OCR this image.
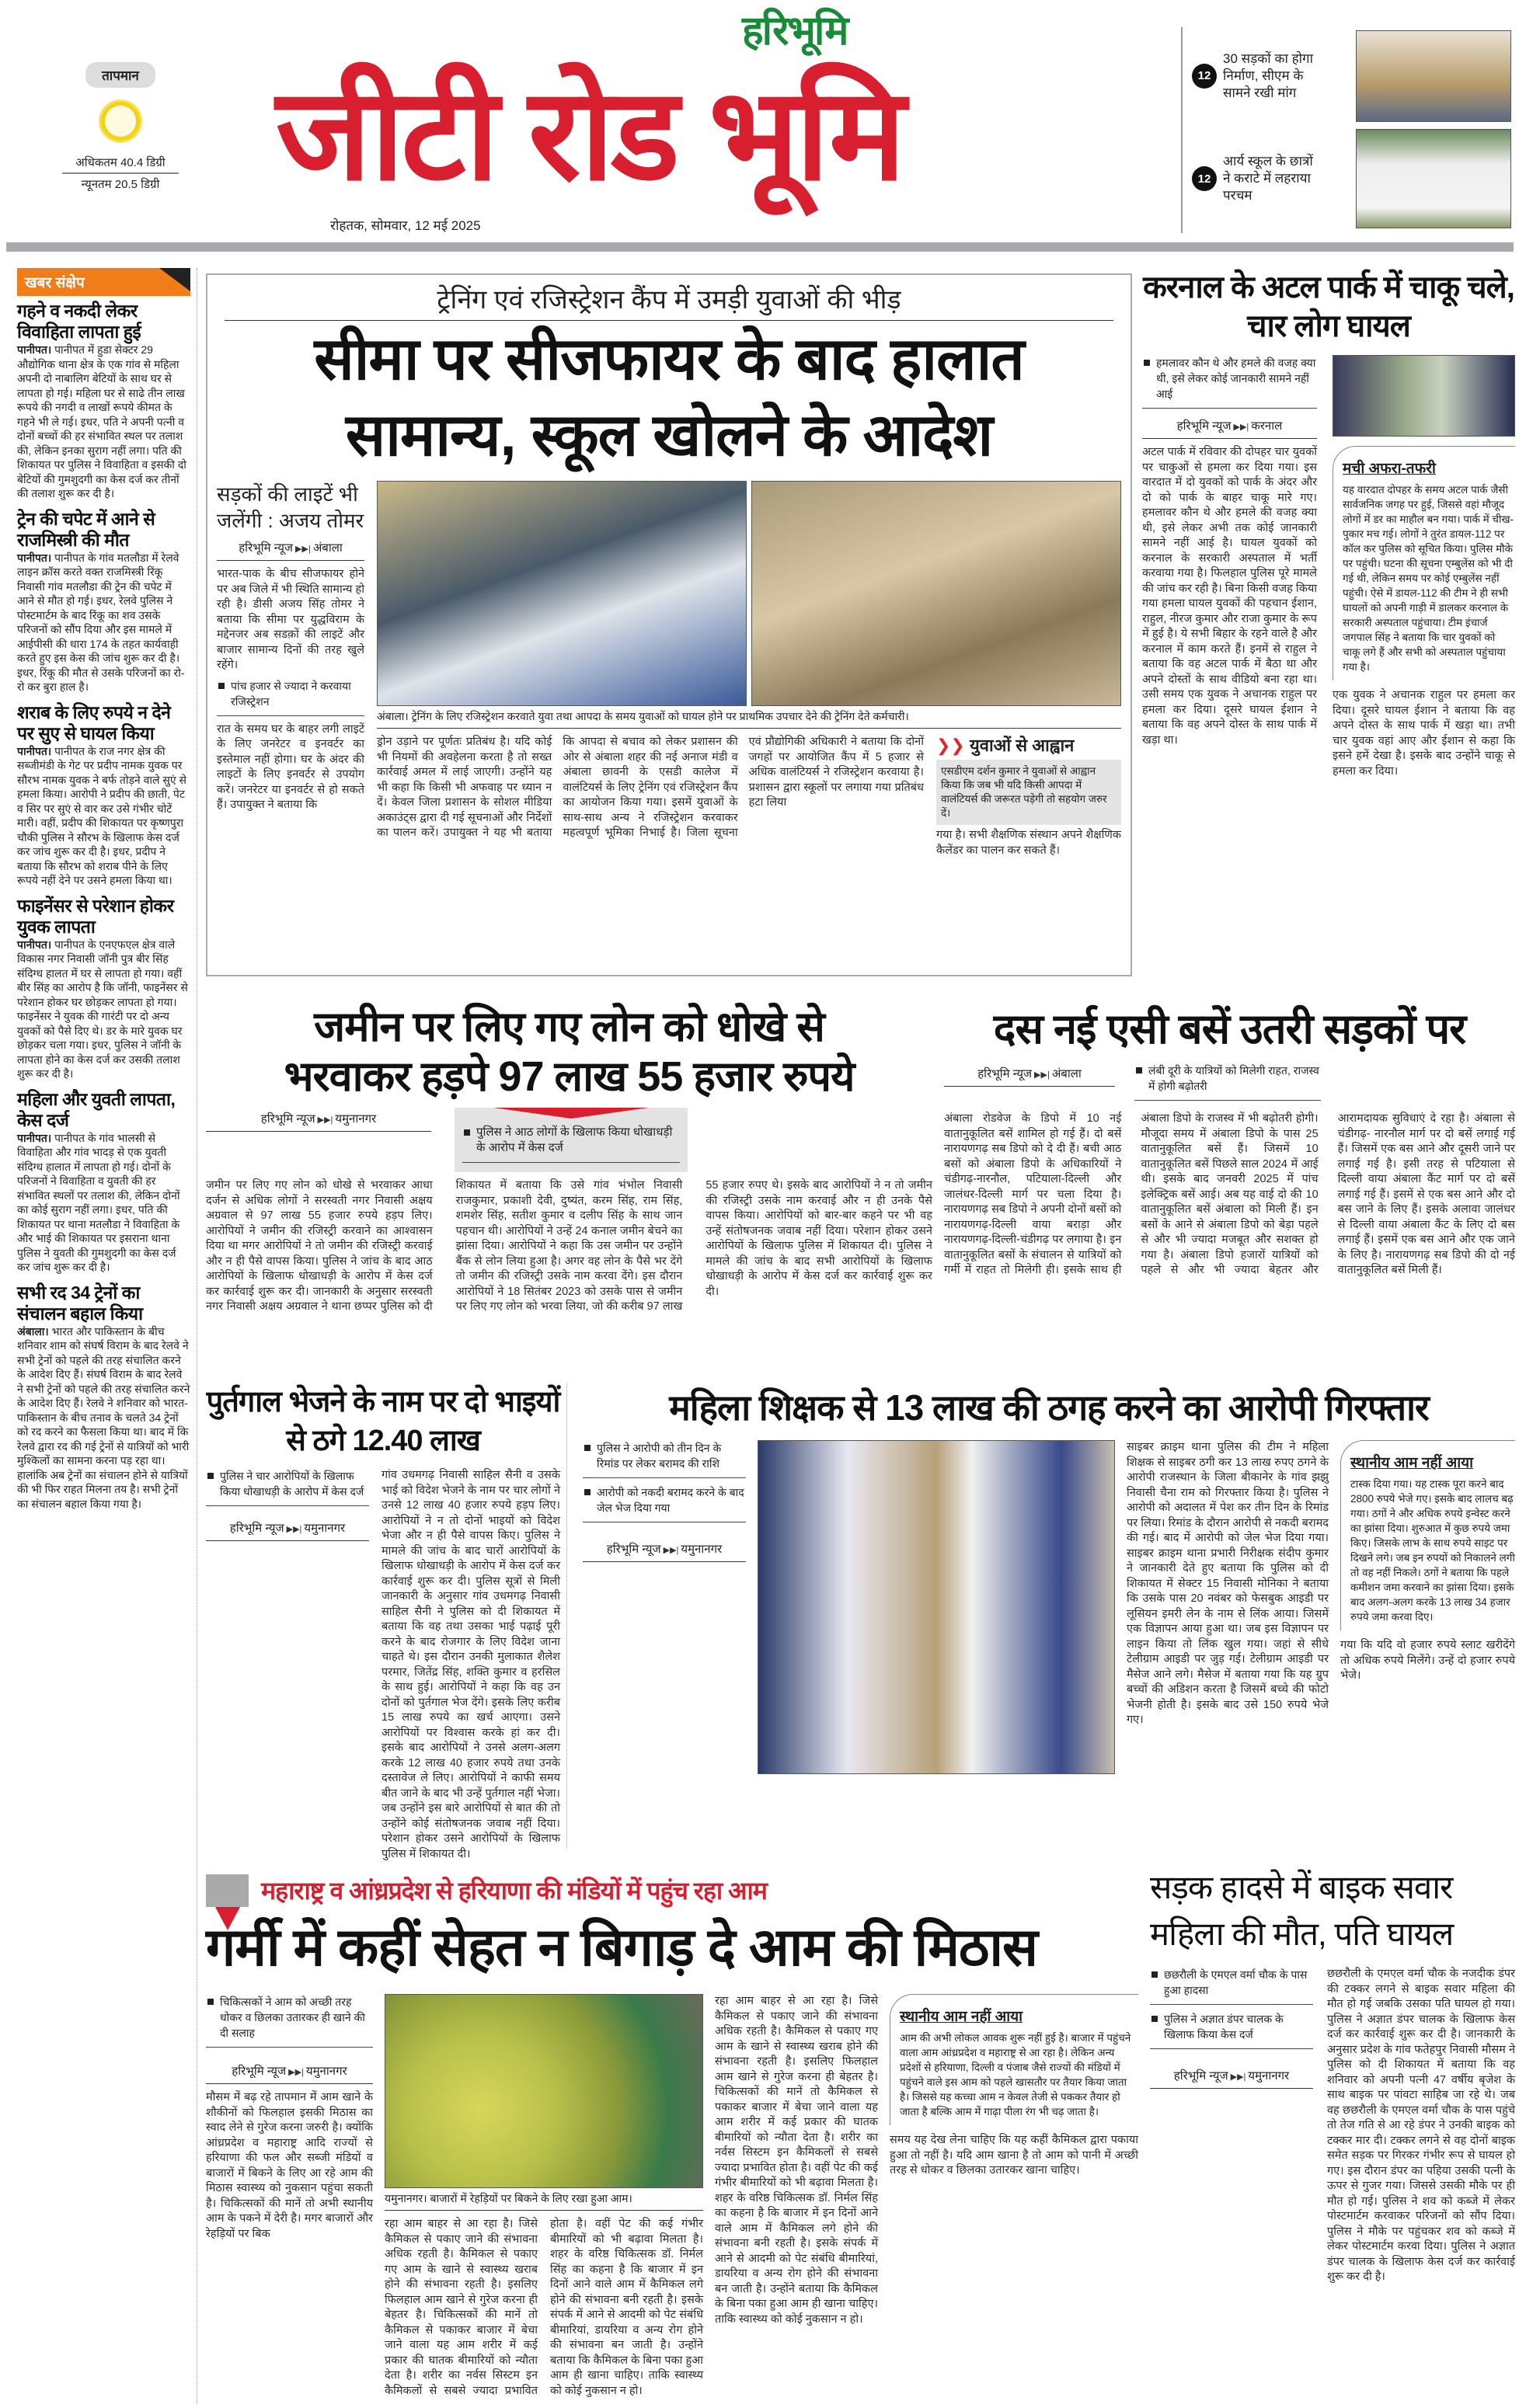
तापमान
अधिकतम 40.4 डिग्री
न्यूनतम 20.5 डिग्री
हरिभूमि
जीटी रोड भूमि
रोहतक, सोमवार, 12 मई 2025
12
30 सड़कों का होगा निर्माण, सीएम के सामने रखी मांग
12
आर्य स्कूल के छात्रों ने कराटे में लहराया परचम
खबर संक्षेप
गहने व नकदी लेकर विवाहिता लापता हुई

पानीपत। पानीपत में हुडा सेक्टर 29 औद्योगिक थाना क्षेत्र के एक गांव से महिला अपनी दो नाबालिग बेटियों के साथ घर से लापता हो गई। महिला घर से साढे तीन लाख रूपये की नगदी व लाखों रूपये कीमत के गहने भी ले गई। इधर, पति ने अपनी पत्नी व दोनों बच्चों की हर संभावित स्थल पर तलाश की, लेकिन इनका सुराग नहीं लगा। पति की शिकायत पर पुलिस ने विवाहिता व इसकी दो बेटियों की गुमशुदगी का केस दर्ज कर तीनों की तलाश शुरू कर दी है।

ट्रेन की चपेट में आने से राजमिस्त्री की मौत

पानीपत। पानीपत के गांव मतलौडा में रेलवे लाइन क्रॉस करते वक्त राजमिस्त्री रिंकू निवासी गांव मतलौडा की ट्रेन की चपेट में आने से मौत हो गई। इधर, रेलवे पुलिस ने पोस्टमार्टम के बाद रिंकू का शव उसके परिजनों को सौंप दिया और इस मामले में आईपीसी की धारा 174 के तहत कार्यवाही करते हुए इस केस की जांच शुरू कर दी है। इधर, रिंकू की मौत से उसके परिजनों का रो-रो कर बुरा हाल है।

शराब के लिए रुपये न देने पर सुए से घायल किया

पानीपत। पानीपत के राज नगर क्षेत्र की सब्जीमंडी के गेट पर प्रदीप नामक युवक पर सौरभ नामक युवक ने बर्फ तोड़ने वाले सुएं से हमला किया। आरोपी ने प्रदीप की छाती, पेट व सिर पर सुएं से वार कर उसे गंभीर चोटें मारी। वहीं, प्रदीप की शिकायत पर कृष्णपुरा चौकी पुलिस ने सौरभ के खिलाफ केस दर्ज कर जांच शुरू कर दी है। इधर, प्रदीप ने बताया कि सौरभ को शराब पीने के लिए रूपये नहीं देने पर उसने हमला किया था।

फाइनेंसर से परेशान होकर युवक लापता

पानीपत। पानीपत के एनएफएल क्षेत्र वाले विकास नगर निवासी जॉनी पुत्र बीर सिंह संदिग्ध हालत में घर से लापता हो गया। वहीं बीर सिंह का आरोप है कि जॉनी, फाइनेंसर से परेशान होकर घर छोड़कर लापता हो गया। फाइनेंसर ने युवक की गारंटी पर दो अन्य युवकों को पैसे दिए थे। डर के मारे युवक घर छोड़कर चला गया। इधर, पुलिस ने जॉनी के लापता होने का केस दर्ज कर उसकी तलाश शुरू कर दी है।

महिला और युवती लापता, केस दर्ज

पानीपत। पानीपत के गांव भालसी से विवाहिता और गांव भादड़ से एक युवती संदिग्ध हालात में लापता हो गई। दोनों के परिजनों ने विवाहिता व युवती की हर संभावित स्थलों पर तलाश की, लेकिन दोनों का कोई सुराग नहीं लगा। इधर, पति की शिकायत पर थाना मतलौडा ने विवाहिता के और भाई की शिकायत पर इसराना थाना पुलिस ने युवती की गुमशुदगी का केस दर्ज कर जांच शुरू कर दी है।

सभी रद 34 ट्रेनों का संचालन बहाल किया

अंबाला। भारत और पाकिस्तान के बीच शनिवार शाम को संघर्ष विराम के बाद रेलवे ने सभी ट्रेनों को पहले की तरह संचालित करने के आदेश दिए हैं। संघर्ष विराम के बाद रेलवे ने सभी ट्रेनों को पहले की तरह संचालित करने के आदेश दिए हैं। रेलवे ने शनिवार को भारत-पाकिस्तान के बीच तनाव के चलते 34 ट्रेनों को रद करने का फैसला किया था। बाद में कि रेलवे द्वारा रद की गई ट्रेनों से यात्रियों को भारी मुश्किलों का सामना करना पड़ रहा था। हालांकि अब ट्रेनों का संचालन होने से यात्रियों की भी फिर राहत मिलना तय है। सभी ट्रेनों का संचालन बहाल किया गया है।

ट्रेनिंग एवं रजिस्ट्रेशन कैंप में उमड़ी युवाओं की भीड़
सीमा पर सीजफायर के बाद हालात
सामान्य, स्कूल खोलने के आदेश
सड़कों की लाइटें भी जलेंगी : अजय तोमर
हरिभूमि न्यूज ▶▶| अंबाला

भारत-पाक के बीच सीजफायर होने पर अब जिले में भी स्थिति सामान्य हो रही है। डीसी अजय सिंह तोमर ने बताया कि सीमा पर युद्धविराम के मद्देनजर अब सडक़ों की लाइटें और बाजार सामान्य दिनों की तरह खुले रहेंगे।

पांच हजार से ज्यादा ने करवाया रजिस्ट्रेशन

रात के समय घर के बाहर लगी लाइटें के लिए जनरेटर व इनवर्टर का इस्तेमाल नहीं होगा। घर के अंदर की लाइटों के लिए इनवर्टर से उपयोग करें। जनरेटर या इनवर्टर से हो सकते हैं। उपायुक्त ने बताया कि

अंबाला। ट्रेनिंग के लिए रजिस्ट्रेशन करवाते युवा तथा आपदा के समय युवाओं को घायल होने पर प्राथमिक उपचार देने की ट्रेनिंग देते कर्मचारी।
ड्रोन उड़ाने पर पूर्णतः प्रतिबंध है। यदि कोई भी नियमों की अवहेलना करता है तो सख्त कार्रवाई अमल में लाई जाएगी। उन्होंने यह भी कहा कि किसी भी अफवाह पर ध्यान न दें। केवल जिला प्रशासन के सोशल मीडिया अकाउंट्स द्वारा दी गई सूचनाओं और निर्देशों का पालन करें। उपायुक्त ने यह भी बताया कि आपदा से बचाव को लेकर प्रशासन की ओर से अंबाला शहर की नई अनाज मंडी व अंबाला छावनी के एसडी कालेज में वालंटियर्स के लिए ट्रेनिंग एवं रजिस्ट्रेशन कैंप का आयोजन किया गया। इसमें युवाओं के साथ-साथ अन्य ने रजिस्ट्रेशन करवाकर महत्वपूर्ण भूमिका निभाई है। जिला सूचना एवं प्रौद्योगिकी अधिकारी ने बताया कि दोनों जगहों पर आयोजित कैंप में 5 हजार से अधिक वालंटियर्स ने रजिस्ट्रेशन करवाया है। प्रशासन द्वारा स्कूलों पर लगाया गया प्रतिबंध हटा लिया
❯❯ युवाओं से आह्वान
एसडीएम दर्शन कुमार ने युवाओं से आह्वान किया कि जब भी यदि किसी आपदा में वालंटियर्स की जरूरत पड़ेगी तो सहयोग जरुर दें।

गया है। सभी शैक्षणिक संस्थान अपने शैक्षणिक कैलेंडर का पालन कर सकते हैं।

करनाल के अटल पार्क में चाकू चले, चार लोग घायल
हमलावर कौन थे और हमले की वजह क्या थी, इसे लेकर कोई जानकारी सामने नहीं आई
हरिभूमि न्यूज ▶▶| करनाल

अटल पार्क में रविवार की दोपहर चार युवकों पर चाकुओं से हमला कर दिया गया। इस वारदात में दो युवकों को पार्क के अंदर और दो को पार्क के बाहर चाकू मारे गए। हमलावर कौन थे और हमले की वजह क्या थी, इसे लेकर अभी तक कोई जानकारी सामने नहीं आई है। घायल युवकों को करनाल के सरकारी अस्पताल में भर्ती करवाया गया है। फिलहाल पुलिस पूरे मामले की जांच कर रही है। बिना किसी वजह किया गया हमला घायल युवकों की पहचान ईशान, राहुल, नीरज कुमार और राजा कुमार के रूप में हुई है। ये सभी बिहार के रहने वाले है और करनाल में काम करते हैं। इनमें से राहुल ने बताया कि वह अटल पार्क में बैठा था और अपने दोस्तों के साथ वीडियो बना रहा था। उसी समय एक युवक ने अचानक राहुल पर हमला कर दिया। दूसरे घायल ईशान ने बताया कि वह अपने दोस्त के साथ पार्क में खड़ा था।

मची अफरा-तफरी

यह वारदात दोपहर के समय अटल पार्क जैसी सार्वजनिक जगह पर हुई, जिससे वहां मौजूद लोगों में डर का माहौल बन गया। पार्क में चीख-पुकार मच गई। लोगों ने तुरंत डायल-112 पर कॉल कर पुलिस को सूचित किया। पुलिस मौके पर पहुंची। घटना की सूचना एम्बुलेंस को भी दी गई थी, लेकिन समय पर कोई एम्बुलेंस नहीं पहुंची। ऐसे में डायल-112 की टीम ने ही सभी घायलों को अपनी गाड़ी में डालकर करनाल के सरकारी अस्पताल पहुंचाया। टीम इंचार्ज जगपाल सिंह ने बताया कि चार युवकों को चाकू लगे हैं और सभी को अस्पताल पहुंचाया गया है।

एक युवक ने अचानक राहुल पर हमला कर दिया। दूसरे घायल ईशान ने बताया कि वह अपने दोस्त के साथ पार्क में खड़ा था। तभी चार युवक वहां आए और ईशान से कहा कि इसने हमें देखा है। इसके बाद उन्होंने चाकू से हमला कर दिया।

जमीन पर लिए गए लोन को धोखे से
भरवाकर हड़पे 97 लाख 55 हजार रुपये
हरिभूमि न्यूज ▶▶| यमुनानगर
पुलिस ने आठ लोगों के खिलाफ किया धोखाधड़ी के आरोप में केस दर्ज
जमीन पर लिए गए लोन को धोखे से भरवाकर आधा दर्जन से अधिक लोगों ने सरस्वती नगर निवासी अक्षय अग्रवाल से 97 लाख 55 हजार रुपये हड़प लिए। आरोपियों ने जमीन की रजिस्ट्री करवाने का आश्वासन दिया था मगर आरोपियों ने तो जमीन की रजिस्ट्री करवाई और न ही पैसे वापस किया। पुलिस ने जांच के बाद आठ आरोपियों के खिलाफ धोखाधड़ी के आरोप में केस दर्ज कर कार्रवाई शुरू कर दी। जानकारी के अनुसार सरस्वती नगर निवासी अक्षय अग्रवाल ने थाना छप्पर पुलिस को दी शिकायत में बताया कि उसे गांव भंभोल निवासी राजकुमार, प्रकाशी देवी, दुष्यंत, करम सिंह, राम सिंह, शमशेर सिंह, सतीश कुमार व दलीप सिंह के साथ जान पहचान थी। आरोपियों ने उन्हें 24 कनाल जमीन बेचने का झांसा दिया। आरोपियों ने कहा कि उस जमीन पर उन्होंने बैंक से लोन लिया हुआ है। अगर वह लोन के पैसे भर देंगे तो जमीन की रजिस्ट्री उसके नाम करवा देंगे। इस दौरान आरोपियों ने 18 सितंबर 2023 को उसके पास से जमीन पर लिए गए लोन को भरवा लिया, जो की करीब 97 लाख 55 हजार रुपए थे। इसके बाद आरोपियों ने न तो जमीन की रजिस्ट्री उसके नाम करवाई और न ही उनके पैसे वापस किया। आरोपियों को बार-बार कहने पर भी वह उन्हें संतोषजनक जवाब नहीं दिया। परेशान होकर उसने आरोपियों के खिलाफ पुलिस में शिकायत दी। पुलिस ने मामले की जांच के बाद सभी आरोपियों के खिलाफ धोखाधड़ी के आरोप में केस दर्ज कर कार्रवाई शुरू कर दी।
दस नई एसी बसें उतरी सड़कों पर
हरिभूमि न्यूज ▶▶| अंबाला	लंबी दूरी के यात्रियों को मिलेगी राहत, राजस्व में होगी बढ़ोतरी
अंबाला रोडवेज के डिपो में 10 नई वातानुकूलित बसें शामिल हो गई हैं। दो बसें नारायणगढ़ सब डिपो को दे दी हैं। बची आठ बसों को अंबाला डिपो के अधिकारियों ने चंडीगढ़-नारनौल, पटियाला-दिल्ली और जालंधर-दिल्ली मार्ग पर चला दिया है। नारायणगढ़ सब डिपो ने अपनी दोनों बसों को नारायणगढ़-दिल्ली वाया बराड़ा और नारायणगढ़-दिल्ली-चंडीगढ़ पर लगाया है। इन वातानुकूलित बसों के संचालन से यात्रियों को गर्मी में राहत तो मिलेगी ही। इसके साथ ही अंबाला डिपो के राजस्व में भी बढ़ोतरी होगी। मौजूदा समय में अंबाला डिपो के पास 25 वातानुकूलित बसें हैं। जिसमें 10 वातानुकूलित बसें पिछले साल 2024 में आई थी। इसके बाद जनवरी 2025 में पांच इलेक्ट्रिक बसें आई। अब यह वाई दो की 10 वातानुकूलित बसें अंबाला को मिली हैं। इन बसों के आने से अंबाला डिपो को बेड़ा पहले से और भी ज्यादा मजबूत और सशक्त हो गया है। अंबाला डिपो हजारों यात्रियों को पहले से और भी ज्यादा बेहतर और आरामदायक सुविधाएं दे रहा है। अंबाला से चंडीगढ़- नारनौल मार्ग पर दो बसें लगाई गई हैं। जिसमें एक बस आने और दूसरी जाने पर लगाई गई है। इसी तरह से पटियाला से दिल्ली वाया अंबाला कैंट मार्ग पर दो बसें लगाई गई हैं। इसमें से एक बस आने और दो बस जाने के लिए हैं। इसके अलावा जालंधर से दिल्ली वाया अंबाला कैंट के लिए दो बस लगाई हैं। इसमें एक बस आने और एक जाने के लिए है। नारायणगढ़ सब डिपो की दो नई वातानुकूलित बसें मिली हैं।
पुर्तगाल भेजने के नाम पर दो भाइयों से ठगे 12.40 लाख
पुलिस ने चार आरोपियों के खिलाफ किया धोखाधड़ी के आरोप में केस दर्ज
हरिभूमि न्यूज ▶▶| यमुनानगर

गांव उधमगढ़ निवासी साहिल सैनी व उसके भाई को विदेश भेजने के नाम पर चार लोगों ने उनसे 12 लाख 40 हजार रुपये हड़प लिए। आरोपियों ने न तो दोनों भाइयों को विदेश भेजा और न ही पैसे वापस किए। पुलिस ने मामले की जांच के बाद चारों आरोपियों के खिलाफ धोखाधड़ी के आरोप में केस दर्ज कर कार्रवाई शुरू कर दी। पुलिस सूत्रों से मिली जानकारी के अनुसार गांव उधमगढ़ निवासी साहिल सैनी ने पुलिस को दी शिकायत में बताया कि वह तथा उसका भाई पढ़ाई पूरी करने के बाद रोजगार के लिए विदेश जाना चाहते थे। इस दौरान उनकी मुलाकात शैलेश परमार, जितेंद्र सिंह, शक्ति कुमार व हरसिल के साथ हुई। आरोपियों ने कहा कि वह उन दोनों को पुर्तगाल भेज देंगे। इसके लिए करीब 15 लाख रुपये का खर्च आएगा। उसने आरोपियों पर विश्वास करके हां कर दी। इसके बाद आरोपियों ने उनसे अलग-अलग करके 12 लाख 40 हजार रुपये तथा उनके दस्तावेज ले लिए। आरोपियों ने काफी समय बीत जाने के बाद भी उन्हें पुर्तगाल नहीं भेजा। जब उन्होंने इस बारे आरोपियों से बात की तो उन्होंने कोई संतोषजनक जवाब नहीं दिया। परेशान होकर उसने आरोपियों के खिलाफ पुलिस में शिकायत दी।

महिला शिक्षक से 13 लाख की ठगह करने का आरोपी गिरफ्तार
पुलिस ने आरोपी को तीन दिन के रिमांड पर लेकर बरामद की राशि
आरोपी को नकदी बरामद करने के बाद जेल भेज दिया गया
हरिभूमि न्यूज ▶▶| यमुनानगर

साइबर क्राइम थाना पुलिस की टीम ने महिला शिक्षक से साइबर ठगी कर 13 लाख रुपए ठगने के आरोपी राजस्थान के जिला बीकानेर के गांव झझु निवासी चैना राम को गिरफ्तार किया है। पुलिस ने आरोपी को अदालत में पेश कर तीन दिन के रिमांड पर लिया। रिमांड के दौरान आरोपी से नकदी बरामद की गई। बाद में आरोपी को जेल भेज दिया गया। साइबर क्राइम थाना प्रभारी निरीक्षक संदीप कुमार ने जानकारी देते हुए बताया कि पुलिस को दी शिकायत में सेक्टर 15 निवासी मोनिका ने बताया कि उसके पास 20 नवंबर को फेसबुक आइडी पर लूसियन इमरी लेन के नाम से लिंक आया। जिसमें एक विज्ञापन आया हुआ था। जब इस विज्ञापन पर लाइन किया तो लिंक खुल गया। जहां से सीधे टेलीग्राम आइडी पर जुड़ गई। टेलीग्राम आइडी पर मैसेज आने लगे। मैसेज में बताया गया कि यह ग्रुप बच्चों की अडिशन करता है जिसमें बच्चे की फोटो भेजनी होती है। इसके बाद उसे 150 रुपये भेजे गए।

स्थानीय आम नहीं आया

टास्क दिया गया। यह टास्क पूरा करने बाद 2800 रुपये भेजे गए। इसके बाद लालच बढ़ गया। ठगों ने और अधिक रुपये इन्वेस्ट करने का झांसा दिया। शुरुआत में कुछ रुपये जमा किए। जिसके लाभ के साथ रुपये साइट पर दिखने लगे। जब इन रुपयों को निकालने लगी तो वह नहीं निकले। ठगों ने बताया कि पहले कमीशन जमा करवाने का झांसा दिया। इसके बाद अलग-अलग करके 13 लाख 34 हजार रुपये जमा करवा दिए।

गया कि यदि वो हजार रुपये स्लाट खरीदेंगे तो अधिक रुपये मिलेंगे। उन्हें दो हजार रुपये भेजे।

महाराष्ट्र व आंध्रप्रदेश से हरियाणा की मंडियों में पहुंच रहा आम
गर्मी में कहीं सेहत न बिगाड़ दे आम की मिठास
चिकित्सकों ने आम को अच्छी तरह धोकर व छिलका उतारकर ही खाने की दी सलाह
हरिभूमि न्यूज ▶▶| यमुनानगर

मौसम में बढ़ रहे तापमान में आम खाने के शौकीनों को फिलहाल इसकी मिठास का स्वाद लेने से गुरेज करना जरुरी है। क्योंकि आंध्रप्रदेश व महाराष्ट्र आदि राज्यों से हरियाणा की फल और सब्जी मंडियों व बाजारों में बिकने के लिए आ रहे आम की मिठास स्वास्थ्य को नुकसान पहुंचा सकती है। चिकित्सकों की मानें तो अभी स्थानीय आम के पकने में देरी है। मगर बाजारों और रेहड़ियों पर बिक

यमुनानगर। बाजारों में रेहड़ियों पर बिकने के लिए रखा हुआ आम।
रहा आम बाहर से आ रहा है। जिसे कैमिकल से पकाए जाने की संभावना अधिक रहती है। कैमिकल से पकाए गए आम के खाने से स्वास्थ्य खराब होने की संभावना रहती है। इसलिए फिलहाल आम खाने से गुरेज करना ही बेहतर है। चिकित्सकों की मानें तो कैमिकल से पकाकर बाजार में बेचा जाने वाला यह आम शरीर में कई प्रकार की घातक बीमारियों को न्यौता देता है। शरीर का नर्वस सिस्टम इन कैमिकलों से सबसे ज्यादा प्रभावित होता है। वहीं पेट की कई गंभीर बीमारियों को भी बढ़ावा मिलता है। शहर के वरिष्ठ चिकित्सक डॉ. निर्मल सिंह का कहना है कि बाजार में इन दिनों आने वाले आम में कैमिकल लगे होने की संभावना बनी रहती है। इसके संपर्क में आने से आदमी को पेट संबंधि बीमारियां, डायरिया व अन्य रोग होने की संभावना बन जाती है। उन्होंने बताया कि कैमिकल के बिना पका हुआ आम ही खाना चाहिए। ताकि स्वास्थ्य को कोई नुकसान न हो।

रहा आम बाहर से आ रहा है। जिसे कैमिकल से पकाए जाने की संभावना अधिक रहती है। कैमिकल से पकाए गए आम के खाने से स्वास्थ्य खराब होने की संभावना रहती है। इसलिए फिलहाल आम खाने से गुरेज करना ही बेहतर है। चिकित्सकों की मानें तो कैमिकल से पकाकर बाजार में बेचा जाने वाला यह आम शरीर में कई प्रकार की घातक बीमारियों को न्यौता देता है। शरीर का नर्वस सिस्टम इन कैमिकलों से सबसे ज्यादा प्रभावित होता है। वहीं पेट की कई गंभीर बीमारियों को भी बढ़ावा मिलता है। शहर के वरिष्ठ चिकित्सक डॉ. निर्मल सिंह का कहना है कि बाजार में इन दिनों आने वाले आम में कैमिकल लगे होने की संभावना बनी रहती है। इसके संपर्क में आने से आदमी को पेट संबंधि बीमारियां, डायरिया व अन्य रोग होने की संभावना बन जाती है। उन्होंने बताया कि कैमिकल के बिना पका हुआ आम ही खाना चाहिए। ताकि स्वास्थ्य को कोई नुकसान न हो।

स्थानीय आम नहीं आया

आम की अभी लोकल आवक शुरू नहीं हुई है। बाजार में पहुंचने वाला आम आंध्रप्रदेश व महाराष्ट्र से आ रहा है। लेकिन अन्य प्रदेशों से हरियाणा, दिल्ली व पंजाब जैसे राज्यों की मंडियों में पहुंचने वाले इस आम को पहले खासतौर पर तैयार किया जाता है। जिससे यह कच्चा आम न केवल तेजी से पककर तैयार हो जाता है बल्कि आम में गाढ़ा पीला रंग भी चढ़ जाता है।

समय यह देख लेना चाहिए कि यह कहीं कैमिकल द्वारा पकाया हुआ तो नहीं है। यदि आम खाना है तो आम को पानी में अच्छी तरह से धोकर व छिलका उतारकर खाना चाहिए।

सड़क हादसे में बाइक सवार महिला की मौत, पति घायल
छछरौली के एमएल वर्मा चौक के पास हुआ हादसा
पुलिस ने अज्ञात डंपर चालक के खिलाफ किया केस दर्ज
हरिभूमि न्यूज ▶▶| यमुनानगर

छछरौली के एमएल वर्मा चौक के नजदीक डंपर की टक्कर लगने से बाइक सवार महिला की मौत हो गई जबकि उसका पति घायल हो गया। पुलिस ने अज्ञात डंपर चालक के खिलाफ केस दर्ज कर कार्रवाई शुरू कर दी है। जानकारी के अनुसार प्रदेश के गांव फतेहपुर निवासी मौसम ने पुलिस को दी शिकायत में बताया कि वह शनिवार को अपनी पत्नी 47 वर्षीय बृजेश के साथ बाइक पर पांवटा साहिब जा रहे थे। जब वह छछरौली के एमएल वर्मा चौक के पास पहुंचे तो तेज गति से आ रहे डंपर ने उनकी बाइक को टक्कर मार दी। टक्कर लगने से वह दोनों बाइक समेत सड़क पर गिरकर गंभीर रूप से घायल हो गए। इस दौरान डंपर का पहिया उसकी पत्नी के ऊपर से गुजर गया। जिससे उसकी मौके पर ही मौत हो गई। पुलिस ने शव को कब्जे में लेकर पोस्टमार्टम करवाकर परिजनों को सौंप दिया। पुलिस ने मौके पर पहुंचकर शव को कब्जे में लेकर पोस्टमार्टम करवा दिया। पुलिस ने अज्ञात डंपर चालक के खिलाफ केस दर्ज कर कार्रवाई शुरू कर दी है।
